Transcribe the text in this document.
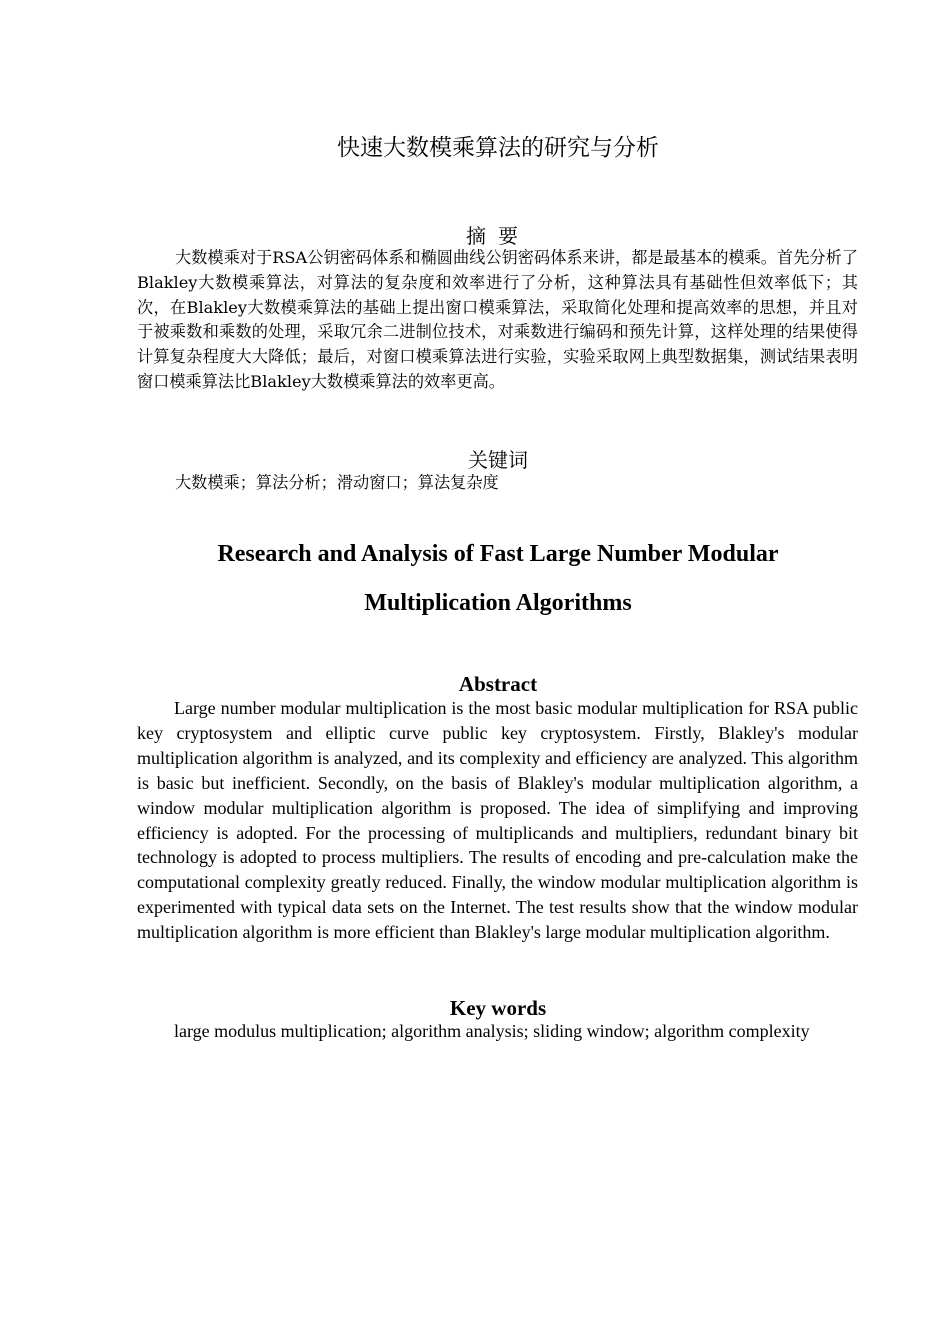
快速大数模乘算法的研究与分析
摘要
大数模乘对于RSA公钥密码体系和椭圆曲线公钥密码体系来讲，都是最基本的模乘。首先分析了Blakley大数模乘算法，对算法的复杂度和效率进行了分析，这种算法具有基础性但效率低下；其次，在Blakley大数模乘算法的基础上提出窗口模乘算法，采取简化处理和提高效率的思想，并且对于被乘数和乘数的处理，采取冗余二进制位技术，对乘数进行编码和预先计算，这样处理的结果使得计算复杂程度大大降低；最后，对窗口模乘算法进行实验，实验采取网上典型数据集，测试结果表明窗口模乘算法比Blakley大数模乘算法的效率更高。
关键词
大数模乘；算法分析；滑动窗口；算法复杂度
Research and Analysis of Fast Large Number Modular
Multiplication Algorithms
Abstract
Large number modular multiplication is the most basic modular multiplication for RSA public key cryptosystem and elliptic curve public key cryptosystem. Firstly, Blakley's modular multiplication algorithm is analyzed, and its complexity and efficiency are analyzed. This algorithm is basic but inefficient. Secondly, on the basis of Blakley's modular multiplication algorithm, a window modular multiplication algorithm is proposed. The idea of simplifying and improving efficiency is adopted. For the processing of multiplicands and multipliers, redundant binary bit technology is adopted to process multipliers. The results of encoding and pre-calculation make the computational complexity greatly reduced. Finally, the window modular multiplication algorithm is experimented with typical data sets on the Internet. The test results show that the window modular multiplication algorithm is more efficient than Blakley's large modular multiplication algorithm.
Key words
large modulus multiplication; algorithm analysis; sliding window; algorithm complexity
